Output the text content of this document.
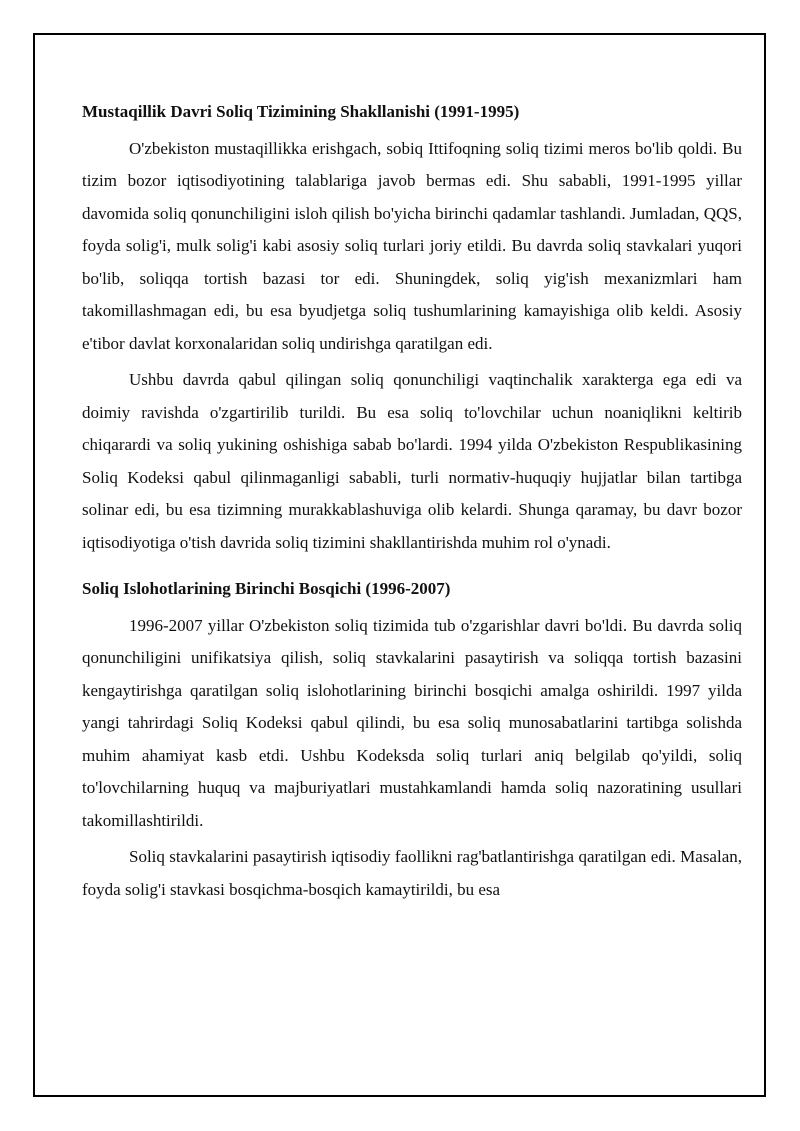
Mustaqillik Davri Soliq Tizimining Shakllanishi (1991-1995)

O'zbekiston mustaqillikka erishgach, sobiq Ittifoqning soliq tizimi meros bo'lib qoldi. Bu tizim bozor iqtisodiyotining talablariga javob bermas edi. Shu sababli, 1991-1995 yillar davomida soliq qonunchiligini isloh qilish bo'yicha birinchi qadamlar tashlandi. Jumladan, QQS, foyda solig'i, mulk solig'i kabi asosiy soliq turlari joriy etildi. Bu davrda soliq stavkalari yuqori bo'lib, soliqqa tortish bazasi tor edi. Shuningdek, soliq yig'ish mexanizmlari ham takomillashmagan edi, bu esa byudjetga soliq tushumlarining kamayishiga olib keldi. Asosiy e'tibor davlat korxonalaridan soliq undirishga qaratilgan edi.

Ushbu davrda qabul qilingan soliq qonunchiligi vaqtinchalik xarakterga ega edi va doimiy ravishda o'zgartirilib turildi. Bu esa soliq to'lovchilar uchun noaniqlikni keltirib chiqarardi va soliq yukining oshishiga sabab bo'lardi. 1994 yilda O'zbekiston Respublikasining Soliq Kodeksi qabul qilinmaganligi sababli, turli normativ-huquqiy hujjatlar bilan tartibga solinar edi, bu esa tizimning murakkablashuviga olib kelardi. Shunga qaramay, bu davr bozor iqtisodiyotiga o'tish davrida soliq tizimini shakllantirishda muhim rol o'ynadi.

Soliq Islohotlarining Birinchi Bosqichi (1996-2007)

1996-2007 yillar O'zbekiston soliq tizimida tub o'zgarishlar davri bo'ldi. Bu davrda soliq qonunchiligini unifikatsiya qilish, soliq stavkalarini pasaytirish va soliqqa tortish bazasini kengaytirishga qaratilgan soliq islohotlarining birinchi bosqichi amalga oshirildi. 1997 yilda yangi tahrirdagi Soliq Kodeksi qabul qilindi, bu esa soliq munosabatlarini tartibga solishda muhim ahamiyat kasb etdi. Ushbu Kodeksda soliq turlari aniq belgilab qo'yildi, soliq to'lovchilarning huquq va majburiyatlari mustahkamlandi hamda soliq nazoratining usullari takomillashtirildi.

Soliq stavkalarini pasaytirish iqtisodiy faollikni rag'batlantirishga qaratilgan edi. Masalan, foyda solig'i stavkasi bosqichma-bosqich kamaytirildi, bu esa
